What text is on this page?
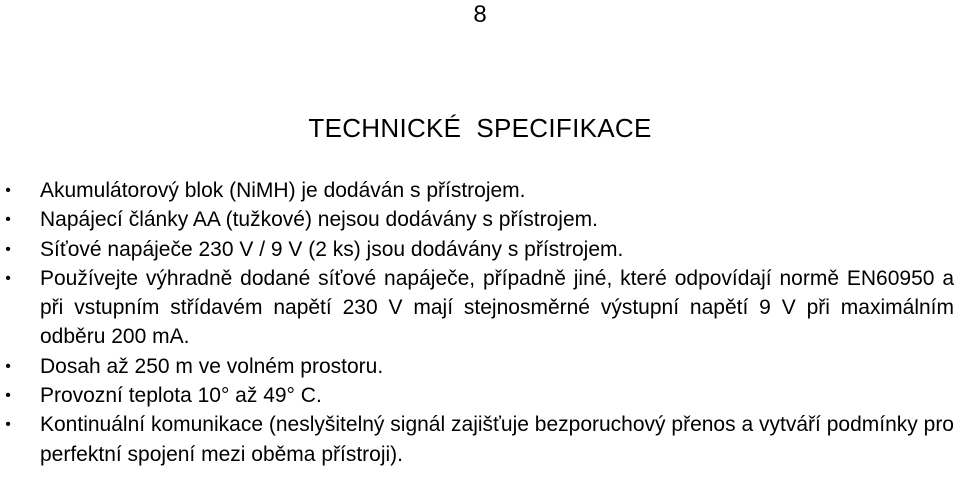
8
TECHNICKÉ  SPECIFIKACE
• Akumulátorový blok (NiMH) je dodáván s přístrojem.
• Napájecí články AA (tužkové) nejsou dodávány s přístrojem.
• Síťové napáječe 230 V / 9 V (2 ks) jsou dodávány s přístrojem.
• Používejte výhradně dodané síťové napáječe, případně jiné, které odpovídají normě EN60950 a při vstupním střídavém napětí 230 V mají stejnosměrné výstupní napětí 9 V při maximálním odběru 200 mA.
• Dosah až 250 m ve volném prostoru.
• Provozní teplota 10° až 49° C.
• Kontinuální komunikace (neslyšitelný signál zajišťuje bezporuchový přenos a vytváří podmínky pro perfektní spojení mezi oběma přístroji).
